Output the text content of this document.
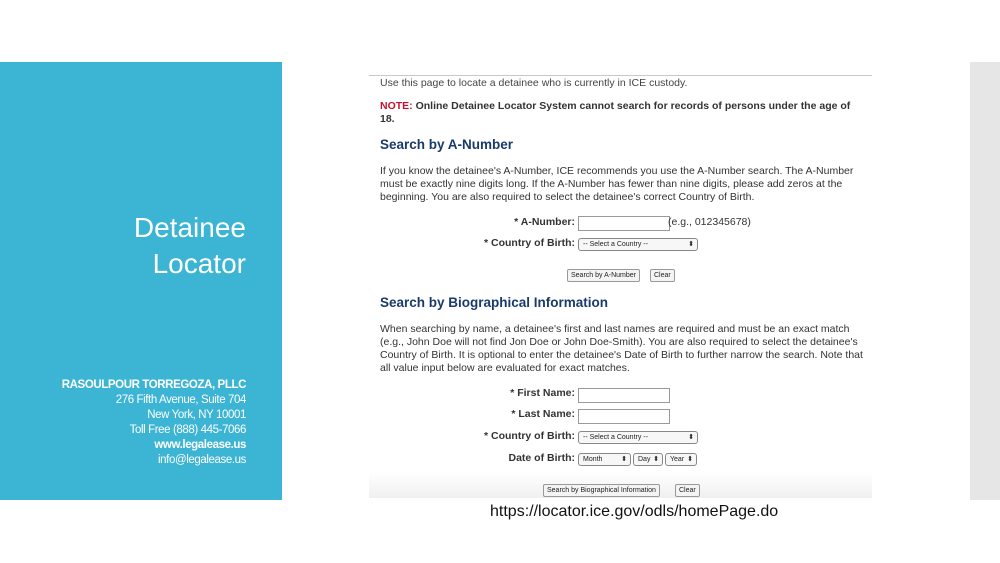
Detainee
Locator
RASOULPOUR TORREGOZA, PLLC
276 Fifth Avenue, Suite 704
New York, NY 10001
Toll Free (888) 445-7066
www.legalease.us
info@legalease.us
Use this page to locate a detainee who is currently in ICE custody.
NOTE: Online Detainee Locator System cannot search for records of persons under the age of 18.
Search by A-Number
If you know the detainee's A-Number, ICE recommends you use the A-Number search. The A-Number must be exactly nine digits long. If the A-Number has fewer than nine digits, please add zeros at the beginning. You are also required to select the detainee's correct Country of Birth.
* A-Number:	(e.g., 012345678)
* Country of Birth:	-- Select a Country --	⬍
Search by A-Number	Clear
Search by Biographical Information
When searching by name, a detainee's first and last names are required and must be an exact match (e.g., John Doe will not find Jon Doe or John Doe-Smith). You are also required to select the detainee's Country of Birth. It is optional to enter the detainee's Date of Birth to further narrow the search. Note that all value input below are evaluated for exact matches.
* First Name:
* Last Name:
* Country of Birth:	-- Select a Country --	⬍
Date of Birth:	Month	⬍	Day ⬍	Year ⬍
Search by Biographical Information	Clear
https://locator.ice.gov/odls/homePage.do
